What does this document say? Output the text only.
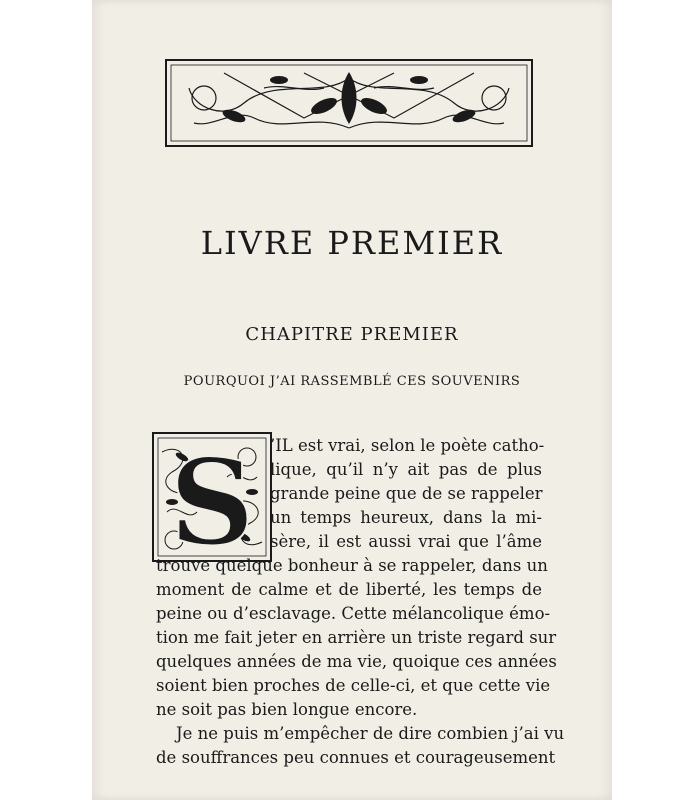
LIVRE PREMIER
CHAPITRE PREMIER
POURQUOI J’AI RASSEMBLÉ CES SOUVENIRS
S ’IL est vrai, selon le poète catho-
lique, qu’il n’y ait pas de plus
grande peine que de se rappeler
un temps heureux, dans la mi-
sère, il est aussi vrai que l’âme
trouve quelque bonheur à se rappeler, dans un
moment de calme et de liberté, les temps de
peine ou d’esclavage. Cette mélancolique émo-
tion me fait jeter en arrière un triste regard sur
quelques années de ma vie, quoique ces années
soient bien proches de celle-ci, et que cette vie
ne soit pas bien longue encore.
Je ne puis m’empêcher de dire combien j’ai vu
de souffrances peu connues et courageusement
